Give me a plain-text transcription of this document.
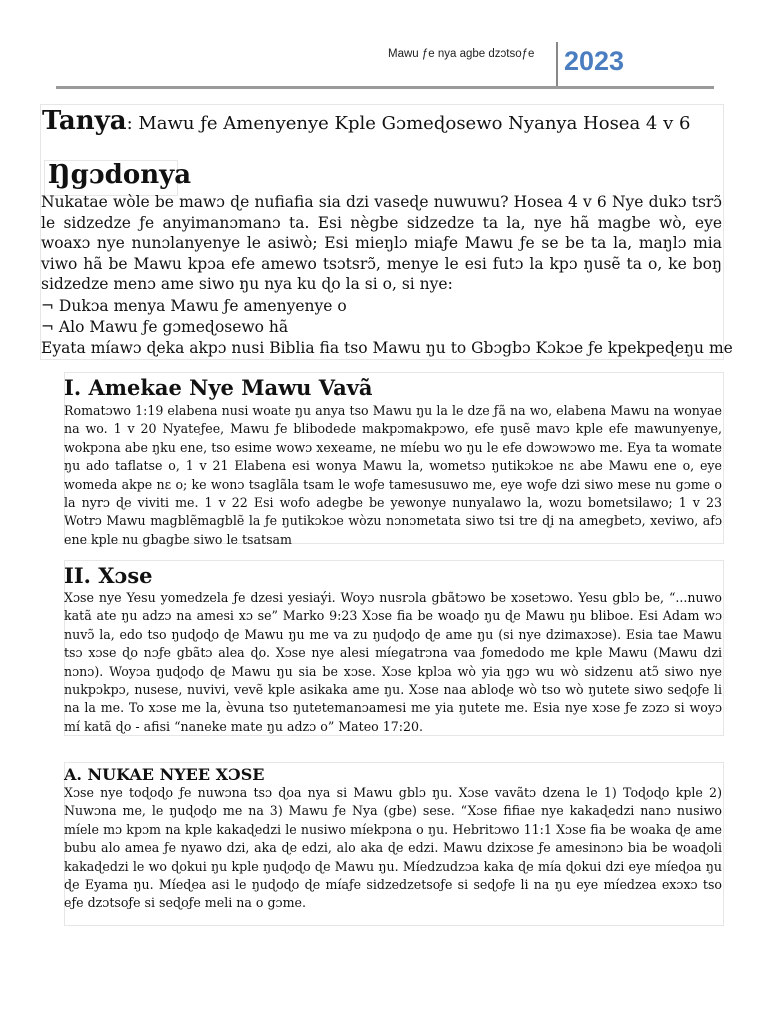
Mawu ƒe nya agbe dzɔtsoƒe 2023
Tanya: Mawu ƒe Amenyenye Kple Gɔmeɖosewo Nyanya Hosea 4 v 6
Ŋgɔdonya

Nukatae wòle be mawɔ ɖe nufiafia sia dzi vaseɖe nuwuwu? Hosea 4 v 6 Nye dukɔ tsrɔ̃ le sidzedze ƒe anyimanɔmanɔ ta. Esi nègbe sidzedze ta la, nye hã magbe wò, eye woaxɔ nye nunɔlanyenye le asiwò; Esi mieŋlɔ miaƒe Mawu ƒe se be ta la, maŋlɔ mia viwo hã be Mawu kpɔa efe amewo tsɔtsrɔ̃, menye le esi futɔ la kpɔ ŋusẽ ta o, ke boŋ sidzedze menɔ ame siwo ŋu nya ku ɖo la si o, si nye:

¬ Dukɔa menya Mawu ƒe amenyenye o
¬ Alo Mawu ƒe gɔmeɖosewo hã
Eyata míawɔ ɖeka akpɔ nusi Biblia fia tso Mawu ŋu to Gbɔgbɔ Kɔkɔe ƒe kpekpeɖeŋu me
I. Amekae Nye Mawu Vavã

Romatɔwo 1:19 elabena nusi woate ŋu anya tso Mawu ŋu la le dze ƒã na wo, elabena Mawu na wonyae na wo. 1 v 20 Nyateƒee, Mawu ƒe blibodede makpɔmakpɔwo, efe ŋusẽ mavɔ kple efe mawunyenye, wokpɔna abe ŋku ene, tso esime wowɔ xexeame, ne míebu wo ŋu le efe dɔwɔwɔwo me. Eya ta womate ŋu ado taflatse o, 1 v 21 Elabena esi wonya Mawu la, wometsɔ ŋutikɔkɔe nɛ abe Mawu ene o, eye womeda akpe nɛ o; ke wonɔ tsaglãla tsam le woƒe tamesusuwo me, eye woƒe dzi siwo mese nu gɔme o la nyrɔ ɖe viviti me. 1 v 22 Esi wofo adegbe be yewonye nunyalawo la, wozu bometsilawo; 1 v 23 Wotrɔ Mawu magblẽmagblẽ la ƒe ŋutikɔkɔe wòzu nɔnɔmetata siwo tsi tre ɖi na amegbetɔ, xeviwo, afɔ ene kple nu gbagbe siwo le tsatsam

II. Xɔse

Xɔse nye Yesu yomedzela ƒe dzesi yesiaýi. Woyɔ nusrɔla gbãtɔwo be xɔsetɔwo. Yesu gblɔ be, “...nuwo katã ate ŋu adzɔ na amesi xɔ se” Marko 9:23 Xɔse fia be woaɖo ŋu ɖe Mawu ŋu bliboe. Esi Adam wɔ nuvɔ̃ la, edo tso ŋuɖoɖo ɖe Mawu ŋu me va zu ŋuɖoɖo ɖe ame ŋu (si nye dzimaxɔse). Esia tae Mawu tsɔ xɔse ɖo nɔƒe gbãtɔ alea ɖo. Xɔse nye alesi míegatrɔna vaa ƒomedodo me kple Mawu (Mawu dzi nɔnɔ). Woyɔa ŋuɖoɖo ɖe Mawu ŋu sia be xɔse. Xɔse kplɔa wò yia ŋgɔ wu wò sidzenu atɔ̃ siwo nye nukpɔkpɔ, nusese, nuvivi, vevẽ kple asikaka ame ŋu. Xɔse naa abloɖe wò tso wò ŋutete siwo seɖoƒe li na la me. To xɔse me la, èvuna tso ŋutetemanɔamesi me yia ŋutete me. Esia nye xɔse ƒe zɔzɔ si woyɔ mí katã ɖo - afisi “naneke mate ŋu adzɔ o” Mateo 17:20.

A. NUKAE NYEE XƆSE

Xɔse nye toɖoɖo ƒe nuwɔna tsɔ ɖoa nya si Mawu gblɔ ŋu. Xɔse vavãtɔ dzena le 1) Toɖoɖo kple 2) Nuwɔna me, le ŋuɖoɖo me na 3) Mawu ƒe Nya (gbe) sese. “Xɔse fifiae nye kakaɖedzi nanɔ nusiwo míele mɔ kpɔm na kple kakaɖedzi le nusiwo míekpɔna o ŋu. Hebritɔwo 11:1 Xɔse fia be woaka ɖe ame bubu alo amea ƒe nyawo dzi, aka ɖe edzi, alo aka ɖe edzi. Mawu dzixɔse ƒe amesinɔnɔ bia be woaɖoli kakaɖedzi le wo ɖokui ŋu kple ŋuɖoɖo ɖe Mawu ŋu. Míedzudzɔa kaka ɖe mía ɖokui dzi eye míeɖoa ŋu ɖe Eyama ŋu. Míeɖea asi le ŋuɖoɖo ɖe míaƒe sidzedzetsoƒe si seɖoƒe li na ŋu eye míedzea exɔxɔ tso eƒe dzɔtsoƒe si seɖoƒe meli na o gɔme.
